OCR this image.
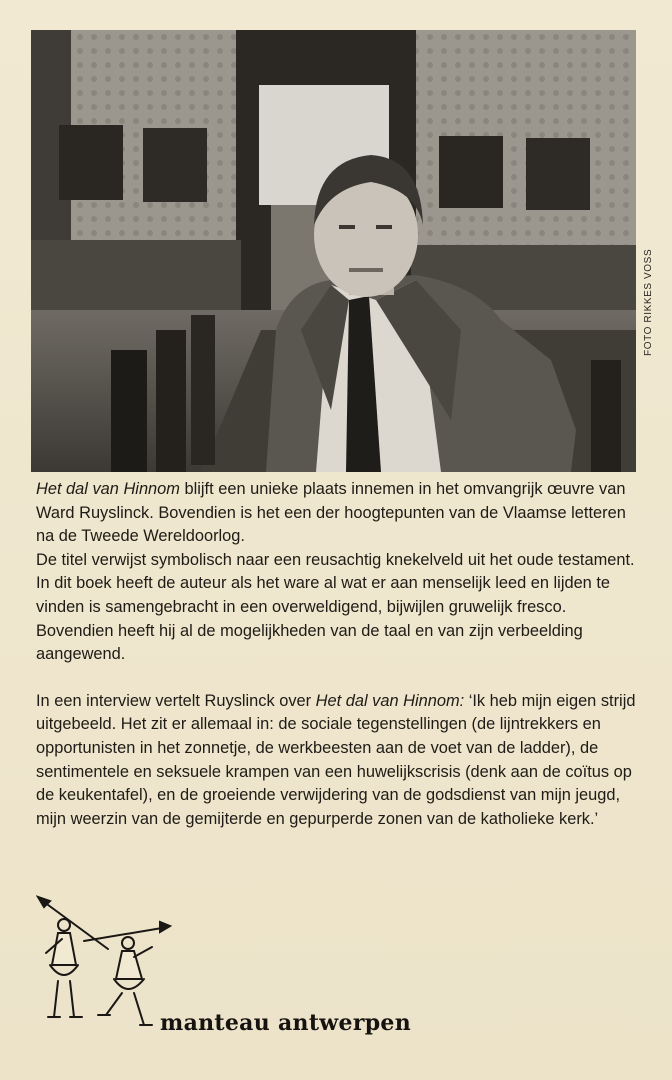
FOTO RIKKES VOSS

Het dal van Hinnom blijft een unieke plaats innemen in het omvangrijk œuvre van Ward Ruyslinck. Bovendien is het een der hoogtepunten van de Vlaamse letteren na de Tweede Wereldoorlog.

De titel verwijst symbolisch naar een reusachtig knekelveld uit het oude testament. In dit boek heeft de auteur als het ware al wat er aan menselijk leed en lijden te vinden is samengebracht in een overweldigend, bijwijlen gruwelijk fresco. Bovendien heeft hij al de mogelijkheden van de taal en van zijn verbeelding aangewend.

In een interview vertelt Ruyslinck over Het dal van Hinnom: ‘Ik heb mijn eigen strijd uitgebeeld. Het zit er allemaal in: de sociale tegenstellingen (de lijntrekkers en opportunisten in het zonnetje, de werkbeesten aan de voet van de ladder), de sentimentele en seksuele krampen van een huwelijkscrisis (denk aan de coïtus op de keukentafel), en de groeiende verwijdering van de godsdienst van mijn jeugd, mijn weerzin van de gemijterde en gepurperde zonen van de katholieke kerk.’

manteau antwerpen
